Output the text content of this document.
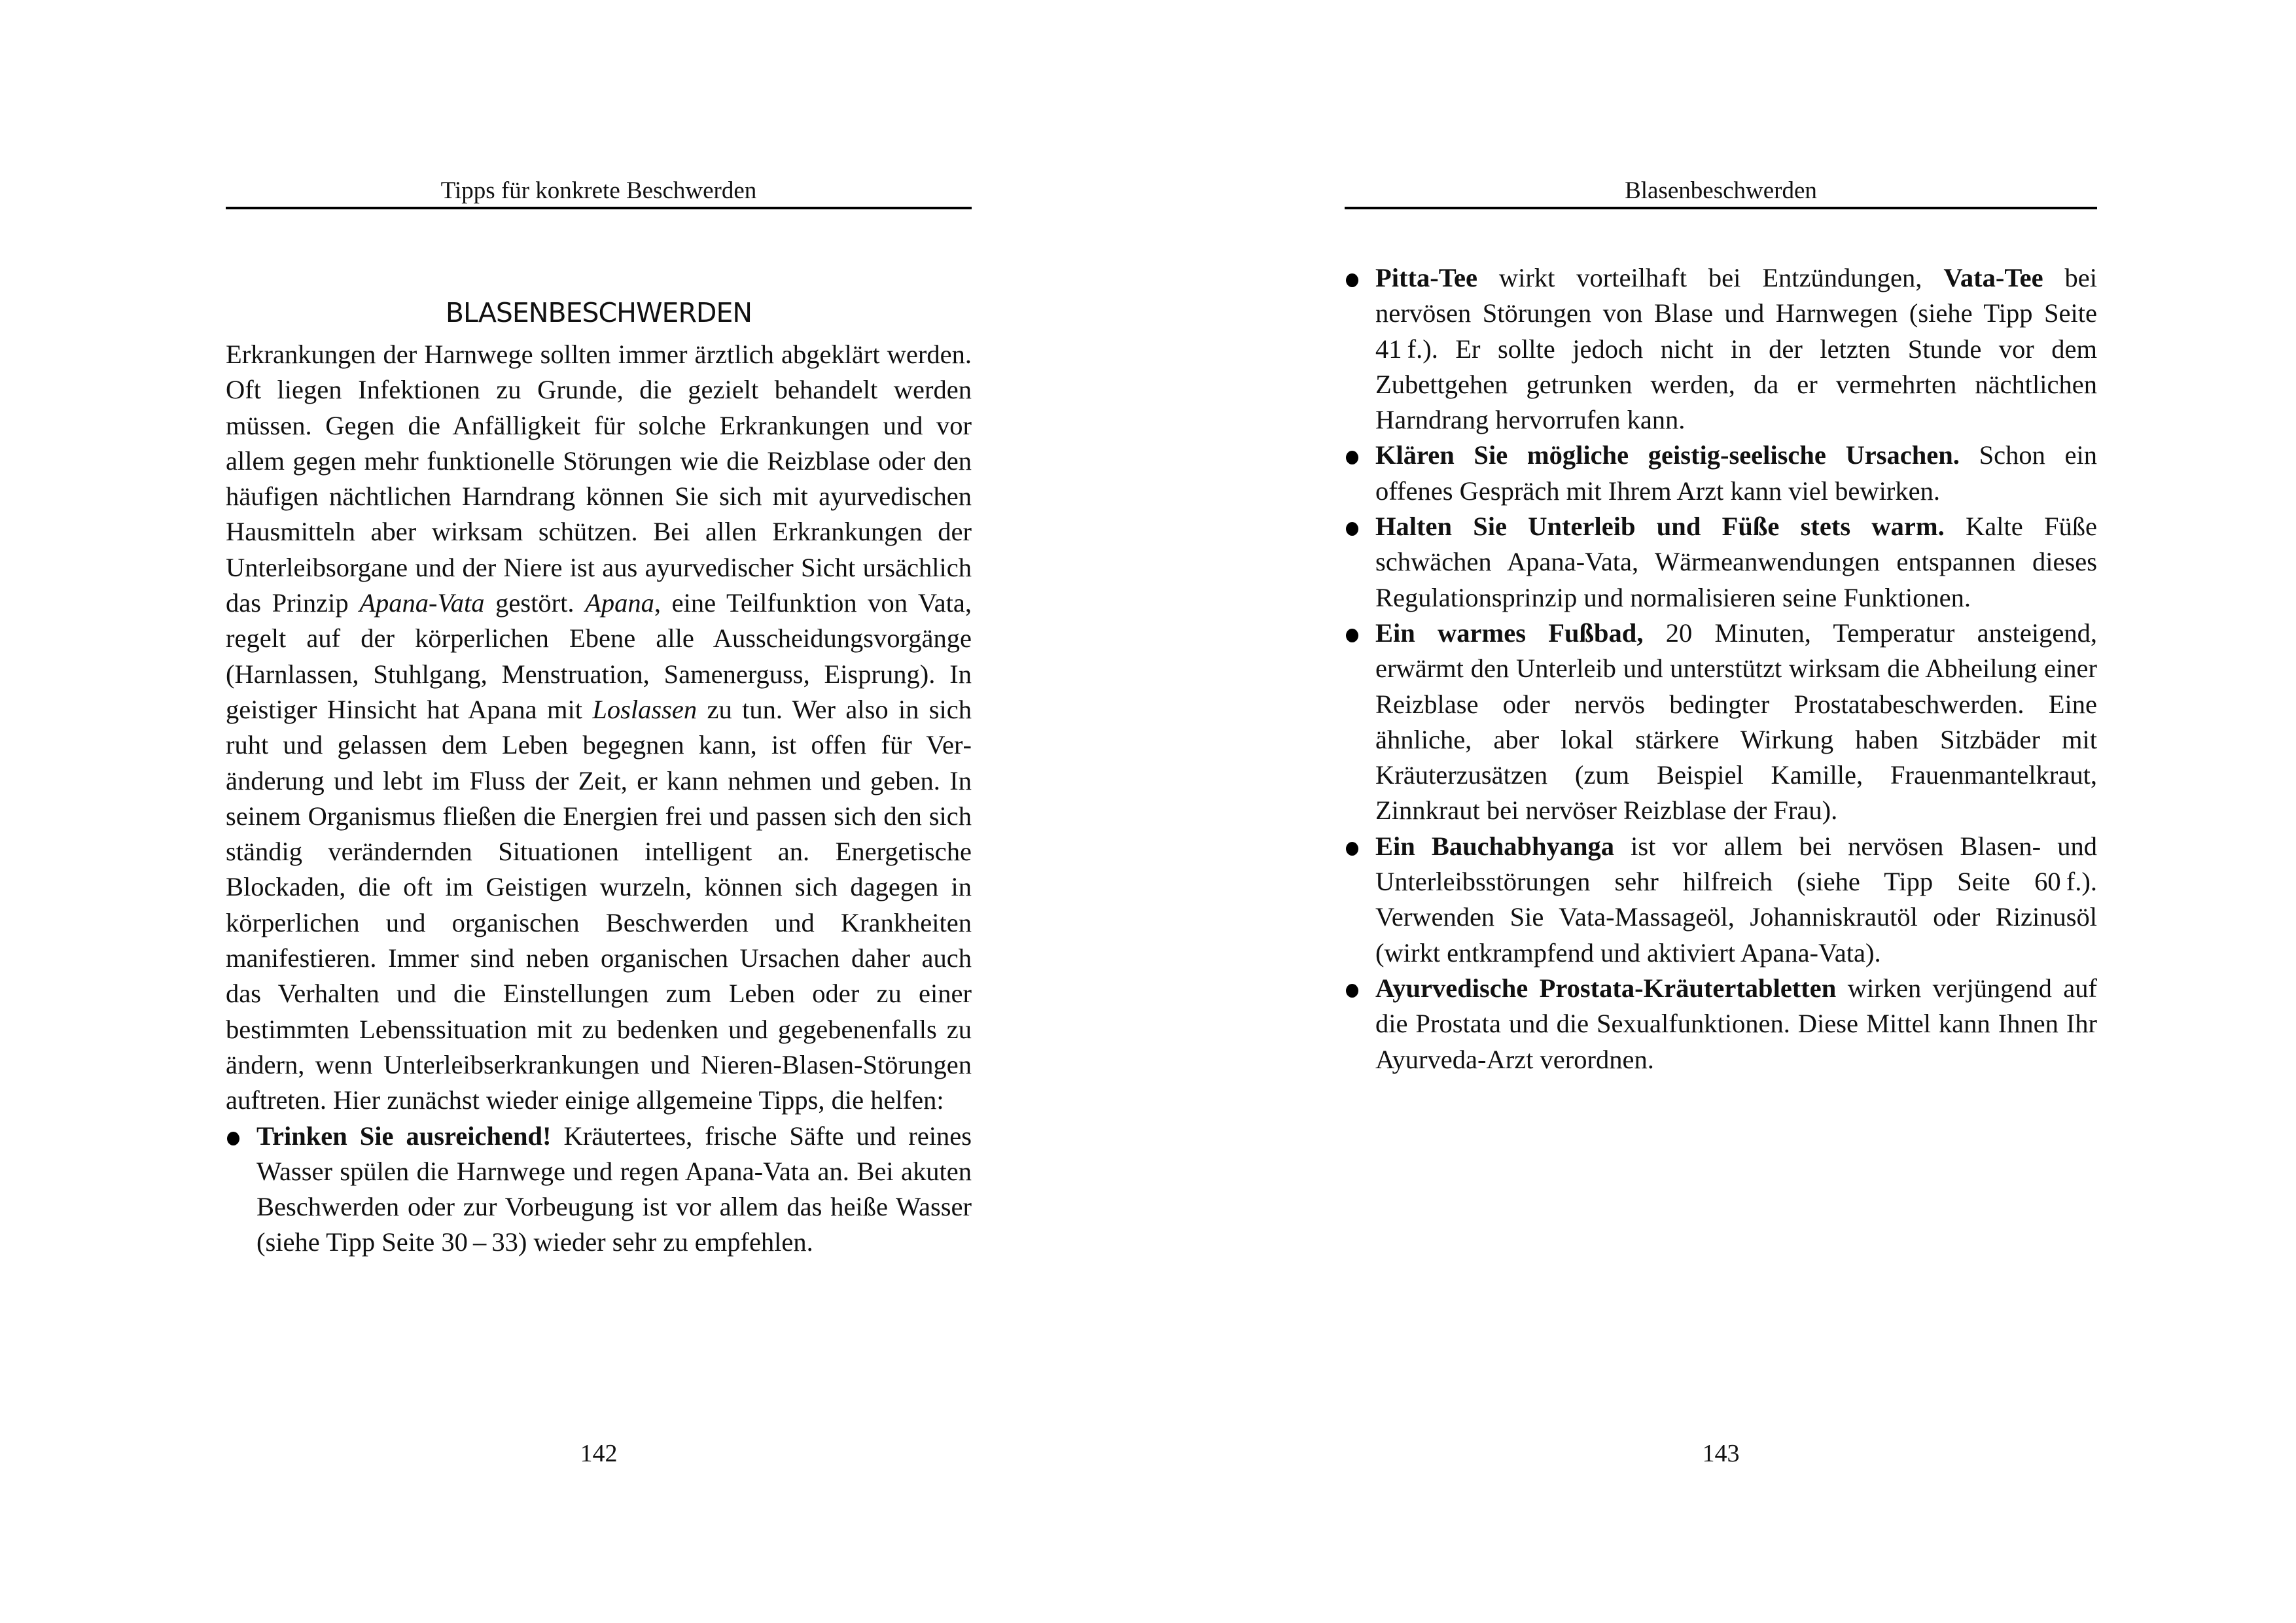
Tipps für konkrete Beschwerden
BLASENBESCHWERDEN

Erkrankungen der Harnwege sollten immer ärztlich abgeklärt werden. Oft liegen Infektionen zu Grunde, die gezielt behandelt werden müssen. Gegen die Anfälligkeit für solche Erkrankungen und vor allem gegen mehr funktionelle Störungen wie die Reizblase oder den häufigen nächtlichen Harndrang können Sie sich mit ayurvedischen Hausmitteln aber wirksam schützen. Bei allen Erkrankungen der Unterleibsorgane und der Niere ist aus ayurvedischer Sicht ursächlich das Prinzip Apana-Vata gestört. Apana, eine Teilfunktion von Vata, regelt auf der körperlichen Ebene alle Ausscheidungsvorgänge (Harnlassen, Stuhlgang, Menstruation, Samenerguss, Eisprung). In geistiger Hinsicht hat Apana mit Loslassen zu tun. Wer also in sich ruht und gelassen dem Leben begegnen kann, ist offen für Veränderung und lebt im Fluss der Zeit, er kann nehmen und geben. In seinem Organismus fließen die Energien frei und passen sich den sich ständig verändernden Situationen intelligent an. Energetische Blockaden, die oft im Geistigen wurzeln, können sich dagegen in körperlichen und organischen Beschwerden und Krankheiten manifestieren. Immer sind neben organischen Ursachen daher auch das Verhalten und die Einstellungen zum Leben oder zu einer bestimmten Lebenssituation mit zu bedenken und gegebenenfalls zu ändern, wenn Unterleibserkrankungen und Nieren-Blasen-Störungen auftreten. Hier zunächst wieder einige allgemeine Tipps, die helfen:

Trinken Sie ausreichend! Kräutertees, frische Säfte und reines Wasser spülen die Harnwege und regen Apana-Vata an. Bei akuten Beschwerden oder zur Vorbeugung ist vor allem das heiße Wasser (siehe Tipp Seite 30 – 33) wieder sehr zu empfehlen.
142
Blasenbeschwerden
Pitta-Tee wirkt vorteilhaft bei Entzündungen, Vata-Tee bei nervösen Störungen von Blase und Harnwegen (siehe Tipp Seite 41 f.). Er sollte jedoch nicht in der letzten Stunde vor dem Zubettgehen getrunken werden, da er vermehrten nächtlichen Harndrang hervorrufen kann.
Klären Sie mögliche geistig-seelische Ursachen. Schon ein offenes Gespräch mit Ihrem Arzt kann viel bewirken.
Halten Sie Unterleib und Füße stets warm. Kalte Füße schwächen Apana-Vata, Wärmeanwendungen entspannen dieses Regulationsprinzip und normalisieren seine Funktionen.
Ein warmes Fußbad, 20 Minuten, Temperatur ansteigend, erwärmt den Unterleib und unterstützt wirksam die Abheilung einer Reizblase oder nervös bedingter Prostatabeschwerden. Eine ähnliche, aber lokal stärkere Wirkung haben Sitzbäder mit Kräuterzusätzen (zum Beispiel Kamille, Frauenmantelkraut, Zinnkraut bei nervöser Reizblase der Frau).
Ein Bauchabhyanga ist vor allem bei nervösen Blasen- und Unterleibsstörungen sehr hilfreich (siehe Tipp Seite 60 f.). Verwenden Sie Vata-Massageöl, Johanniskrautöl oder Rizinusöl (wirkt entkrampfend und aktiviert Apana-Vata).
Ayurvedische Prostata-Kräutertabletten wirken verjüngend auf die Prostata und die Sexualfunktionen. Diese Mittel kann Ihnen Ihr Ayurveda-Arzt verordnen.
143
